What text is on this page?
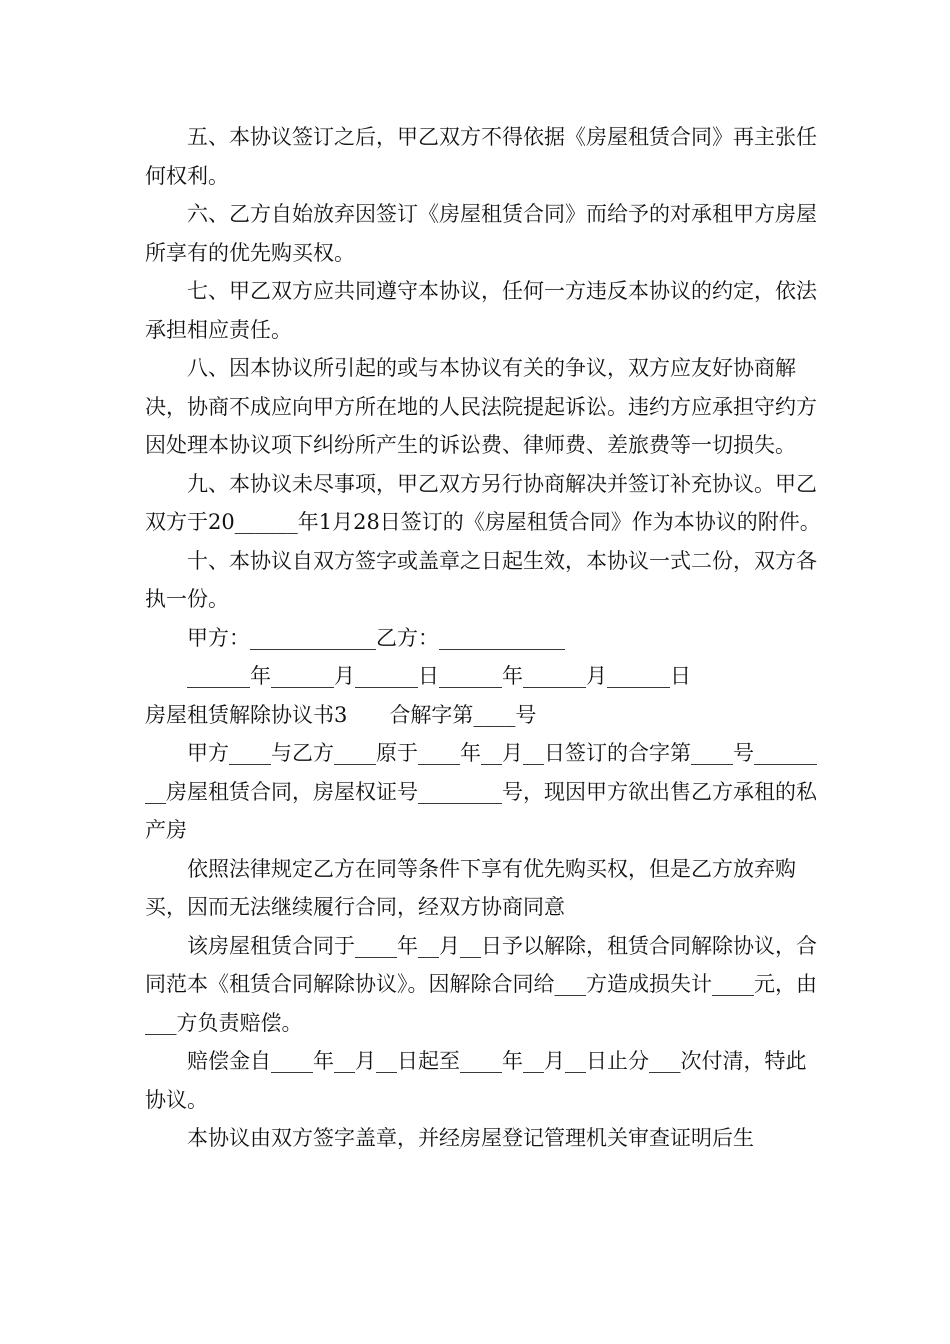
五、本协议签订之后，甲乙双方不得依据《房屋租赁合同》再主张任何权利。

六、乙方自始放弃因签订《房屋租赁合同》而给予的对承租甲方房屋所享有的优先购买权。

七、甲乙双方应共同遵守本协议，任何一方违反本协议的约定，依法承担相应责任。

八、因本协议所引起的或与本协议有关的争议，双方应友好协商解决，协商不成应向甲方所在地的人民法院提起诉讼。违约方应承担守约方因处理本协议项下纠纷所产生的诉讼费、律师费、差旅费等一切损失。

九、本协议未尽事项，甲乙双方另行协商解决并签订补充协议。甲乙双方于20______年1月28日签订的《房屋租赁合同》作为本协议的附件。

十、本协议自双方签字或盖章之日起生效，本协议一式二份，双方各执一份。

甲方：____________乙方：____________

______年______月______日______年______月______日

房屋租赁解除协议书3　　合解字第____号

甲方____与乙方____原于____年__月__日签订的合字第____号________房屋租赁合同，房屋权证号________号，现因甲方欲出售乙方承租的私产房

依照法律规定乙方在同等条件下享有优先购买权，但是乙方放弃购买，因而无法继续履行合同，经双方协商同意

该房屋租赁合同于____年__月__日予以解除，租赁合同解除协议，合同范本《租赁合同解除协议》。因解除合同给___方造成损失计____元，由___方负责赔偿。

赔偿金自____年__月__日起至____年__月__日止分___次付清，特此协议。

本协议由双方签字盖章，并经房屋登记管理机关审查证明后生
